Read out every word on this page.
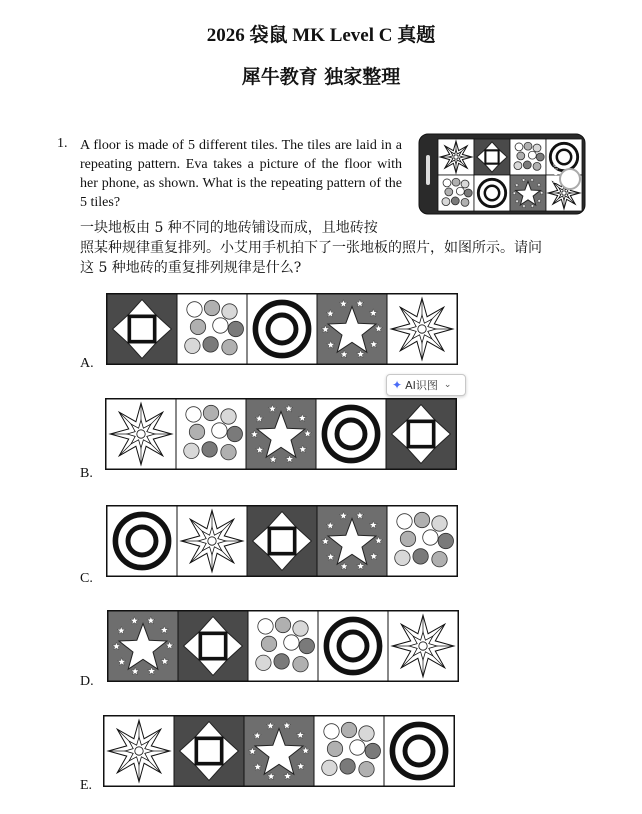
2026 袋鼠 MK Level C 真题
犀牛教育 独家整理
1. A floor is made of 5 different tiles. The tiles are laid in a repeating pattern. Eva takes a picture of the floor with her phone, as shown. What is the repeating pattern of the 5 tiles?
一块地板由 5 种不同的地砖铺设而成，且地砖按
照某种规律重复排列。小艾用手机拍下了一张地板的照片，如图所示。请问
这 5 种地砖的重复排列规律是什么?
PHOTO
A.
B.
C.
D.
E.
✦ AI识图 ⌄
